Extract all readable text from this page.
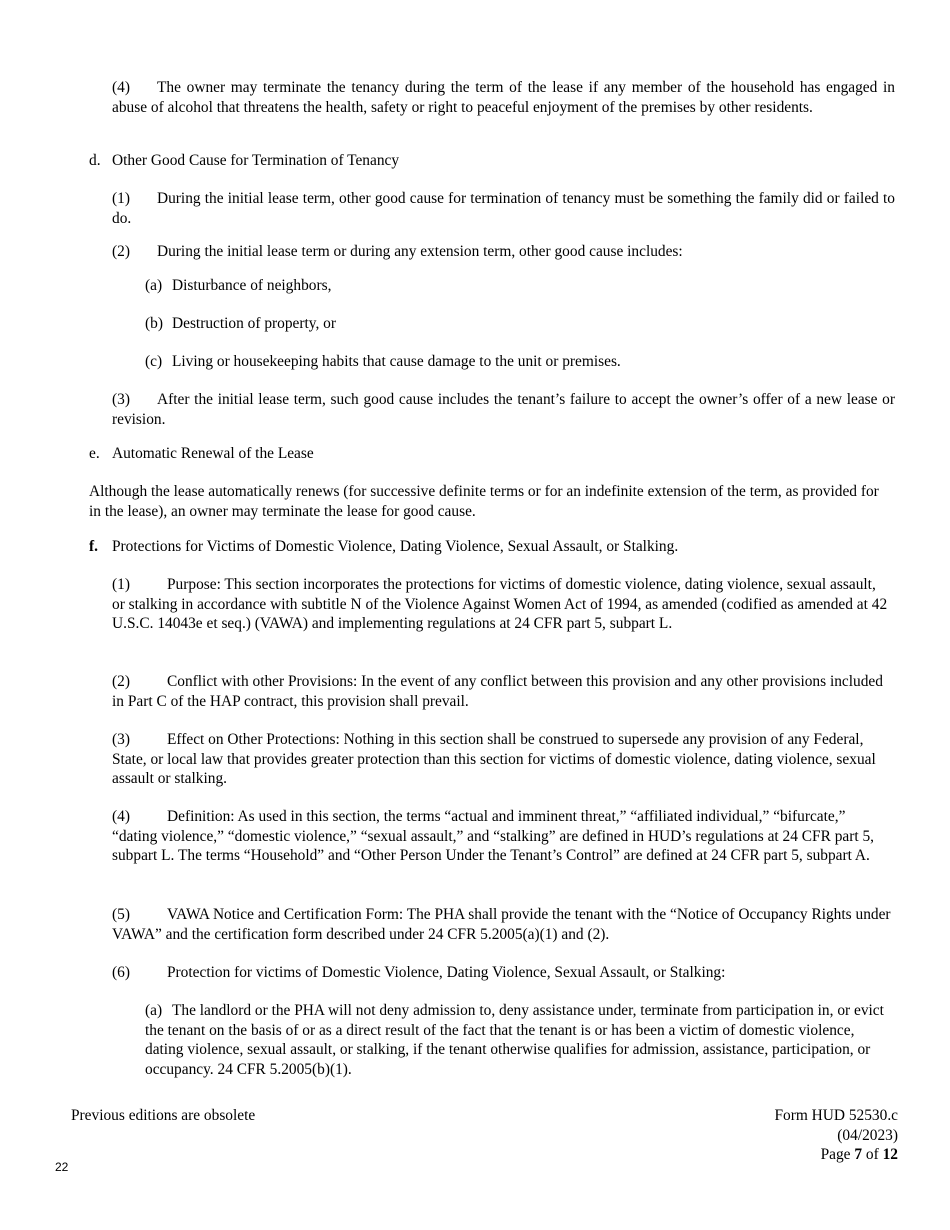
(4) The owner may terminate the tenancy during the term of the lease if any member of the household has engaged in abuse of alcohol that threatens the health, safety or right to peaceful enjoyment of the premises by other residents.

d. Other Good Cause for Termination of Tenancy

(1) During the initial lease term, other good cause for termination of tenancy must be something the family did or failed to do.

(2) During the initial lease term or during any extension term, other good cause includes:

(a) Disturbance of neighbors,

(b) Destruction of property, or

(c) Living or housekeeping habits that cause damage to the unit or premises.

(3) After the initial lease term, such good cause includes the tenant’s failure to accept the owner’s offer of a new lease or revision.

e. Automatic Renewal of the Lease

Although the lease automatically renews (for successive definite terms or for an indefinite extension of the term, as provided for in the lease), an owner may terminate the lease for good cause.

f. Protections for Victims of Domestic Violence, Dating Violence, Sexual Assault, or Stalking.

(1) Purpose: This section incorporates the protections for victims of domestic violence, dating violence, sexual assault, or stalking in accordance with subtitle N of the Violence Against Women Act of 1994, as amended (codified as amended at 42 U.S.C. 14043e et seq.) (VAWA) and implementing regulations at 24 CFR part 5, subpart L.

(2) Conflict with other Provisions: In the event of any conflict between this provision and any other provisions included in Part C of the HAP contract, this provision shall prevail.

(3) Effect on Other Protections: Nothing in this section shall be construed to supersede any provision of any Federal, State, or local law that provides greater protection than this section for victims of domestic violence, dating violence, sexual assault or stalking.

(4) Definition: As used in this section, the terms “actual and imminent threat,” “affiliated individual,” “bifurcate,” “dating violence,” “domestic violence,” “sexual assault,” and “stalking” are defined in HUD’s regulations at 24 CFR part 5, subpart L. The terms “Household” and “Other Person Under the Tenant’s Control” are defined at 24 CFR part 5, subpart A.

(5) VAWA Notice and Certification Form: The PHA shall provide the tenant with the “Notice of Occupancy Rights under VAWA” and the certification form described under 24 CFR 5.2005(a)(1) and (2).

(6) Protection for victims of Domestic Violence, Dating Violence, Sexual Assault, or Stalking:

(a) The landlord or the PHA will not deny admission to, deny assistance under, terminate from participation in, or evict the tenant on the basis of or as a direct result of the fact that the tenant is or has been a victim of domestic violence, dating violence, sexual assault, or stalking, if the tenant otherwise qualifies for admission, assistance, participation, or occupancy. 24 CFR 5.2005(b)(1).

Previous editions are obsolete	Form HUD 52530.c
(04/2023)
Page 7 of 12
22
